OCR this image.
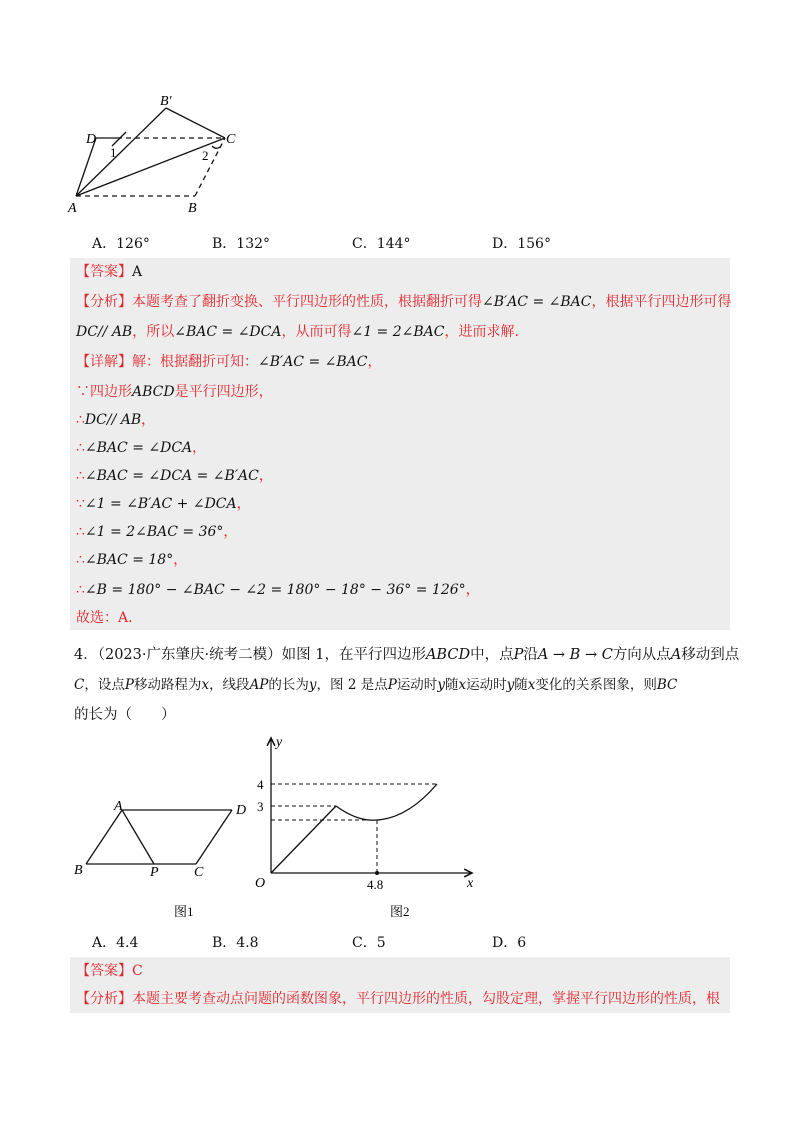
B′
D	C
A	B
1	2
A．126°	B．132°	C．144°	D．156°
【答案】A
【分析】本题考查了翻折变换、平行四边形的性质，根据翻折可得∠B′AC = ∠BAC，根据平行四边形可得
DC// AB，所以∠BAC = ∠DCA，从而可得∠1 = 2∠BAC，进而求解.
【详解】解：根据翻折可知：∠B′AC = ∠BAC，
∵四边形ABCD是平行四边形，
∴DC// AB，
∴∠BAC = ∠DCA，
∴∠BAC = ∠DCA = ∠B′AC，
∵∠1 = ∠B′AC + ∠DCA，
∴∠1 = 2∠BAC = 36°，
∴∠BAC = 18°，
∴∠B = 180° − ∠BAC − ∠2 = 180° − 18° − 36° = 126°，
故选：A.
4．（2023·广东肇庆·统考二模）如图 1，在平行四边形ABCD中，点P沿A → B → C方向从点A移动到点
C，设点P移动路程为x，线段AP的长为y，图 2 是点P运动时y随x运动时y随x变化的关系图象，则BC
的长为（　　）
A	D
B	P	C
图1
y
x
O
4
3
4.8
图2
A．4.4	B．4.8	C．5	D．6
【答案】C
【分析】本题主要考查动点问题的函数图象，平行四边形的性质，勾股定理，掌握平行四边形的性质，根
